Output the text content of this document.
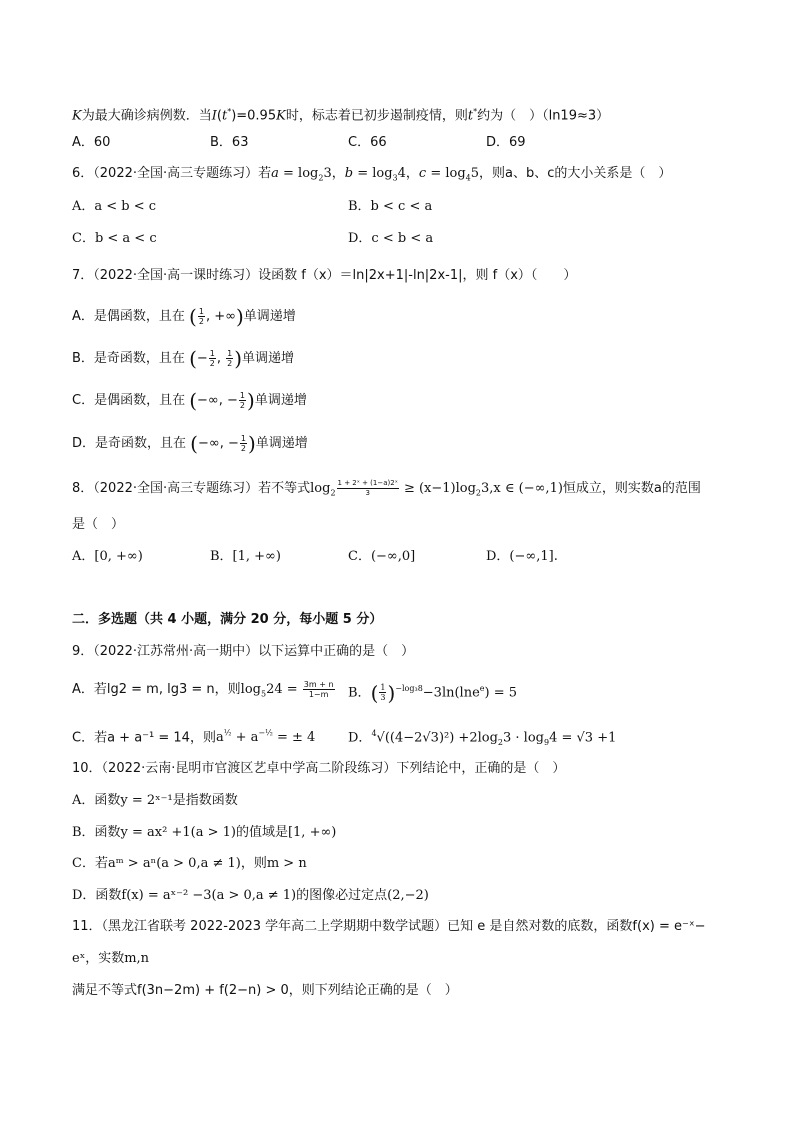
K为最大确诊病例数．当I(t*)=0.95K时，标志着已初步遏制疫情，则t*约为（　）（ln19≈3）
A．60	B．63	C．66	D．69
6．（2022·全国·高三专题练习）若$a = \log_23$，$b = \log_34$，$c = \log_45$，则a、b、c的大小关系是（　）
A．a < b < c	B．b < c < a
C．b < a < c	D．c < b < a
7．（2022·全国·高一课时练习）设函数 f（x）＝ln|2x+1|-ln|2x-1|，则 f（x）（　　）
A．是偶函数，且在 ( $\frac{1}{2}$ , +∞)单调递增
B．是奇函数，且在 (− $\frac{1}{2}$ , $\frac{1}{2}$ )单调递增
C．是偶函数，且在 (−∞, − $\frac{1}{2}$ )单调递增
D．是奇函数，且在 (−∞, − $\frac{1}{2}$ )单调递增
8．（2022·全国·高三专题练习）若不等式$\log_2 \frac{\text{1 + 2ˣ + (1−a)2ˣ}}{3} \ge (x-1)\log_23,x$ ∈ (−∞,1)恒成立，则实数a的范围
是（　）
A．[0, +∞)	B．[1, +∞)	C．(−∞,0]	D．(−∞,1].
二．多选题（共 4 小题，满分 20 分，每小题 5 分）
9．（2022·江苏常州·高一期中）以下运算中正确的是（　）
A．若lg2 = m, lg3 = n，则$\log_524 = \frac{3m + n}{1-m}$ B．( $\frac{1}{3} )^{-log_38}-3\ln(\ln e^e) = 5$
C．若a + a⁻¹ = 14，则$a^{\frac{1}{2}} + a^{-\frac{1}{2}}$ = ± 4	D．$^4√((4-2√3)^2) +2\log_23 \cdot \log_94 = √3 +1$
10．（2022·云南·昆明市官渡区艺卓中学高二阶段练习）下列结论中，正确的是（　）
A．函数y = 2ˣ⁻¹是指数函数
B．函数y = ax² +1(a > 1)的值域是[1, +∞)
C．若aᵐ > aⁿ(a > 0,a ≠ 1)，则m > n
D．函数f(x) = aˣ⁻² −3(a > 0,a ≠ 1)的图像必过定点(2,−2)
11．（黑龙江省联考 2022-2023 学年高二上学期期中数学试题）已知 e 是自然对数的底数，函数f(x) = e⁻ˣ−
eˣ，实数m,n
满足不等式f(3n−2m) + f(2−n) > 0，则下列结论正确的是（　）
